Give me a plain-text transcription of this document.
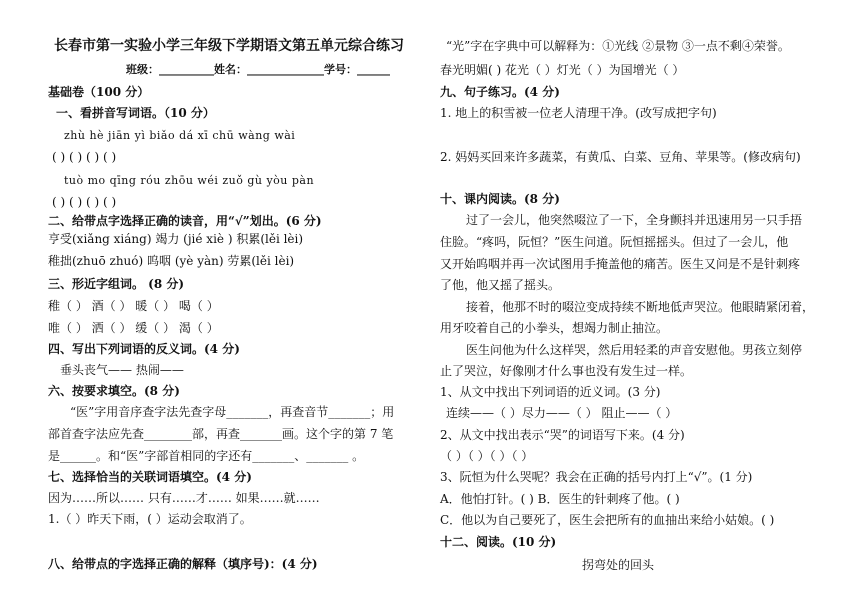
长春市第一实验小学三年级下学期语文第五单元综合练习
班级：__________姓名：______________学号：______
基础卷（100 分）
一、看拼音写词语。（10 分）
zhù hè jiān yì biǎo dá xī chū wàng wài
( ) ( ) ( ) ( )
tuò mo qīng róu zhōu wéi zuǒ gù yòu pàn
( ) ( ) ( ) ( )
二、给带点字选择正确的读音，用“√”划出。(6 分)
亨受(xiǎng xiáng) 竭力 (jié xiè ) 积累(lěi lèi)
稚拙(zhuō zhuó) 呜咽 (yè yàn) 劳累(lěi lèi)
三、形近字组词。 (8 分)
稚（ ） 酒（ ） 暖（ ） 喝（ ）
唯（ ） 洒（ ） 缓（ ） 渴（ ）
四、写出下列词语的反义词。(4 分)
垂头丧气—— 热闹——
六、按要求填空。(8 分)
“医”字用音序查字法先查字母_______，再查音节_______；用
部首查字法应先查________部，再查_______画。这个字的第 7 笔
是______。和“医”字部首相同的字还有_______、_______ 。
七、选择恰当的关联词语填空。(4 分)
因为……所以…… 只有……才…… 如果……就……
1.（ ）昨天下雨，( ）运动会取消了。
八、给带点的字选择正确的解释（填序号)：(4 分)
“光”字在字典中可以解释为：①光线 ②景物 ③一点不剩④荣誉。
春光明媚( ) 花光（ ）灯光（ ）为国增光（ ）
九、句子练习。(4 分)
1. 地上的积雪被一位老人清理干净。(改写成把字句)
2. 妈妈买回来许多蔬菜，有黄瓜、白菜、豆角、苹果等。(修改病句)
十、课内阅读。(8 分)
过了一会儿，他突然啜泣了一下，全身颤抖并迅速用另一只手捂
住脸。“疼吗，阮恒？”医生问道。阮恒摇摇头。但过了一会儿，他
又开始呜咽并再一次试图用手掩盖他的痛苦。医生又问是不是针刺疼
了他，他又摇了摇头。
接着，他那不时的啜泣变成持续不断地低声哭泣。他眼睛紧闭着，
用牙咬着自己的小拳头，想竭力制止抽泣。
医生问他为什么这样哭，然后用轻柔的声音安慰他。男孩立刻停
止了哭泣，好像刚才什么事也没有发生过一样。
1、从文中找出下列词语的近义词。(3 分)
连续——（ ）尽力——（ ） 阻止——（ ）
2、从文中找出表示“哭”的词语写下来。(4 分)
（ ）（ ）（ ）（ ）
3、阮恒为什么哭呢？我会在正确的括号内打上“√”。(1 分)
A．他怕打针。( ) B．医生的针刺疼了他。( )
C．他以为自己要死了，医生会把所有的血抽出来给小姑娘。( )
十二、阅读。(10 分)
拐弯处的回头
